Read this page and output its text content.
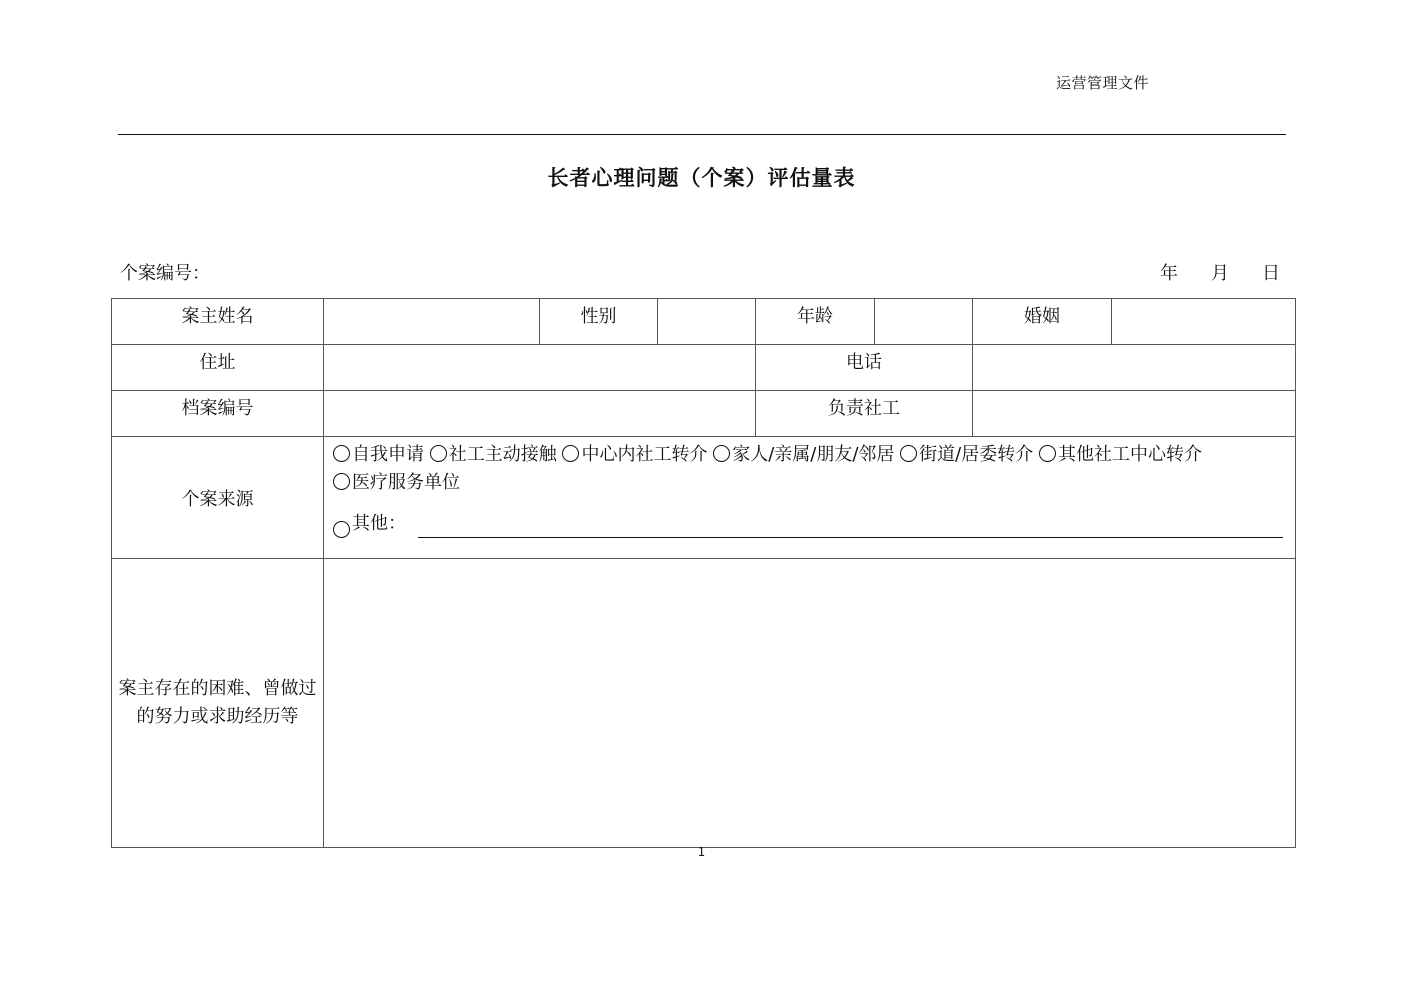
运营管理文件
长者心理问题（个案）评估量表
个案编号：	年	月	日
案主姓名		性别		年龄		婚姻	
住址				电话			
档案编号				负责社工			
个案来源	自我申请 社工主动接触 中心内社工转介 家人/亲属/朋友/邻居 街道/居委转介 其他社工中心转介 医疗服务单位
其他：						

案主存在的困难、曾做过的努力或求助经历等							
1
